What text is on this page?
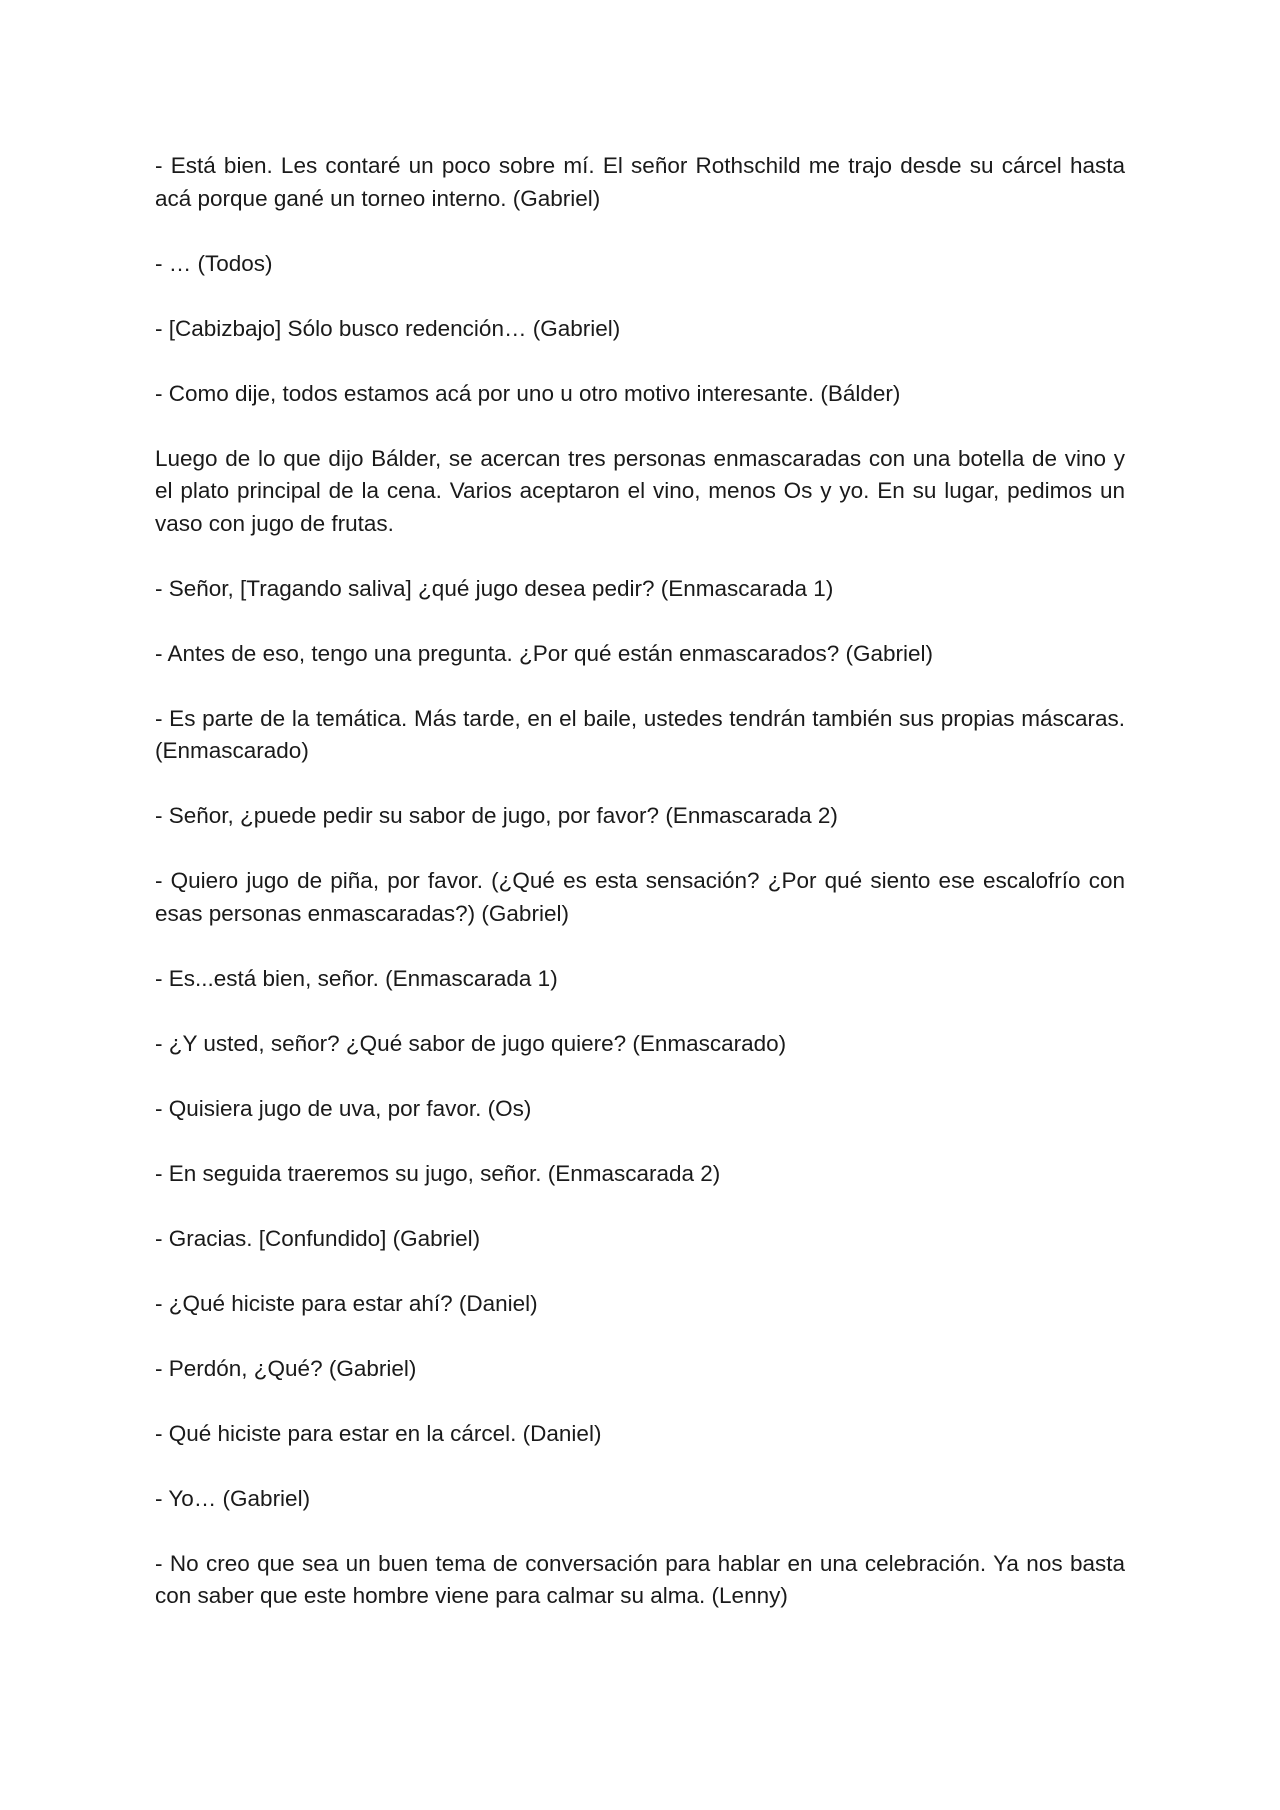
- Está bien. Les contaré un poco sobre mí. El señor Rothschild me trajo desde su cárcel hasta acá porque gané un torneo interno. (Gabriel)

- … (Todos)

- [Cabizbajo] Sólo busco redención… (Gabriel)

- Como dije, todos estamos acá por uno u otro motivo interesante. (Bálder)

Luego de lo que dijo Bálder, se acercan tres personas enmascaradas con una botella de vino y el plato principal de la cena. Varios aceptaron el vino, menos Os y yo. En su lugar, pedimos un vaso con jugo de frutas.

- Señor, [Tragando saliva] ¿qué jugo desea pedir? (Enmascarada 1)

- Antes de eso, tengo una pregunta. ¿Por qué están enmascarados? (Gabriel)

- Es parte de la temática. Más tarde, en el baile, ustedes tendrán también sus propias máscaras. (Enmascarado)

- Señor, ¿puede pedir su sabor de jugo, por favor? (Enmascarada 2)

- Quiero jugo de piña, por favor. (¿Qué es esta sensación? ¿Por qué siento ese escalofrío con esas personas enmascaradas?) (Gabriel)

- Es...está bien, señor. (Enmascarada 1)

- ¿Y usted, señor? ¿Qué sabor de jugo quiere? (Enmascarado)

- Quisiera jugo de uva, por favor. (Os)

- En seguida traeremos su jugo, señor. (Enmascarada 2)

- Gracias. [Confundido] (Gabriel)

- ¿Qué hiciste para estar ahí? (Daniel)

- Perdón, ¿Qué? (Gabriel)

- Qué hiciste para estar en la cárcel. (Daniel)

- Yo… (Gabriel)

- No creo que sea un buen tema de conversación para hablar en una celebración. Ya nos basta con saber que este hombre viene para calmar su alma. (Lenny)
